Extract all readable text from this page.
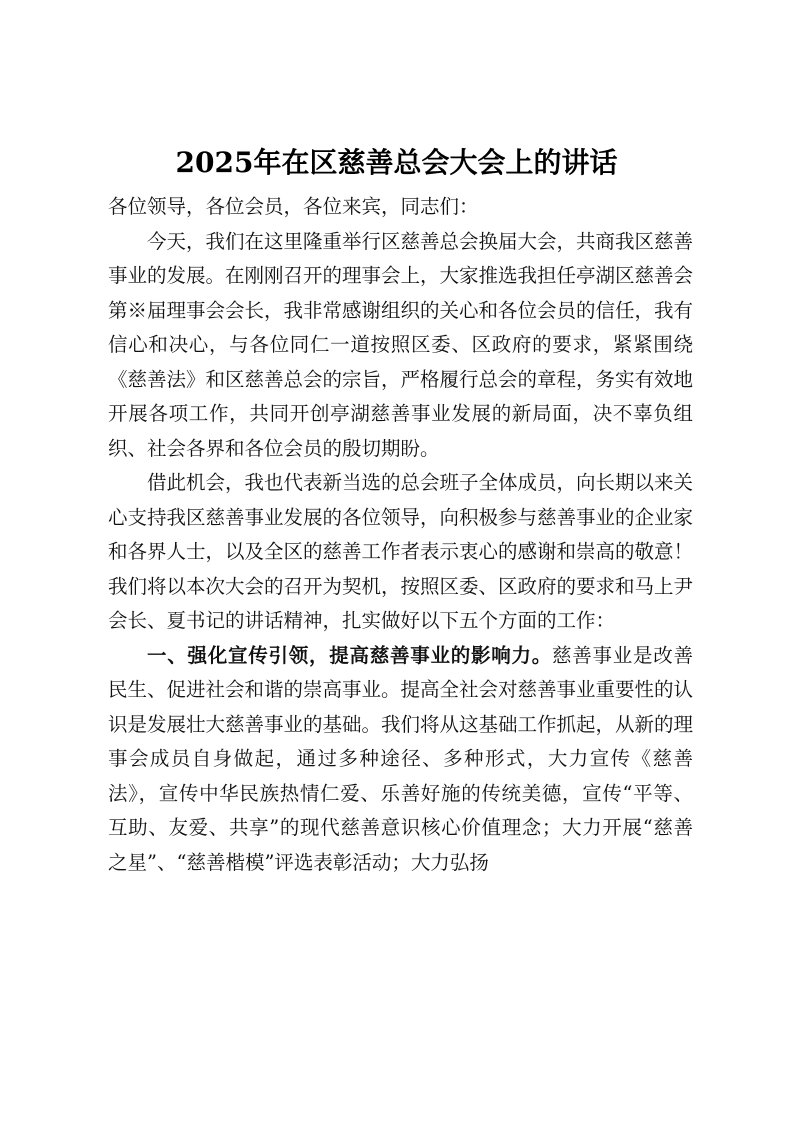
2025年在区慈善总会大会上的讲话

各位领导，各位会员，各位来宾，同志们：

今天，我们在这里隆重举行区慈善总会换届大会，共商我区慈善事业的发展。在刚刚召开的理事会上，大家推选我担任亭湖区慈善会第※届理事会会长，我非常感谢组织的关心和各位会员的信任，我有信心和决心，与各位同仁一道按照区委、区政府的要求，紧紧围绕《慈善法》和区慈善总会的宗旨，严格履行总会的章程，务实有效地开展各项工作，共同开创亭湖慈善事业发展的新局面，决不辜负组织、社会各界和各位会员的殷切期盼。

借此机会，我也代表新当选的总会班子全体成员，向长期以来关心支持我区慈善事业发展的各位领导，向积极参与慈善事业的企业家和各界人士，以及全区的慈善工作者表示衷心的感谢和崇高的敬意！我们将以本次大会的召开为契机，按照区委、区政府的要求和马上尹会长、夏书记的讲话精神，扎实做好以下五个方面的工作：

一、强化宣传引领，提高慈善事业的影响力。慈善事业是改善民生、促进社会和谐的崇高事业。提高全社会对慈善事业重要性的认识是发展壮大慈善事业的基础。我们将从这基础工作抓起，从新的理事会成员自身做起，通过多种途径、多种形式，大力宣传《慈善法》，宣传中华民族热情仁爱、乐善好施的传统美德，宣传“平等、互助、友爱、共享”的现代慈善意识核心价值理念；大力开展“慈善之星”、“慈善楷模”评选表彰活动；大力弘扬
